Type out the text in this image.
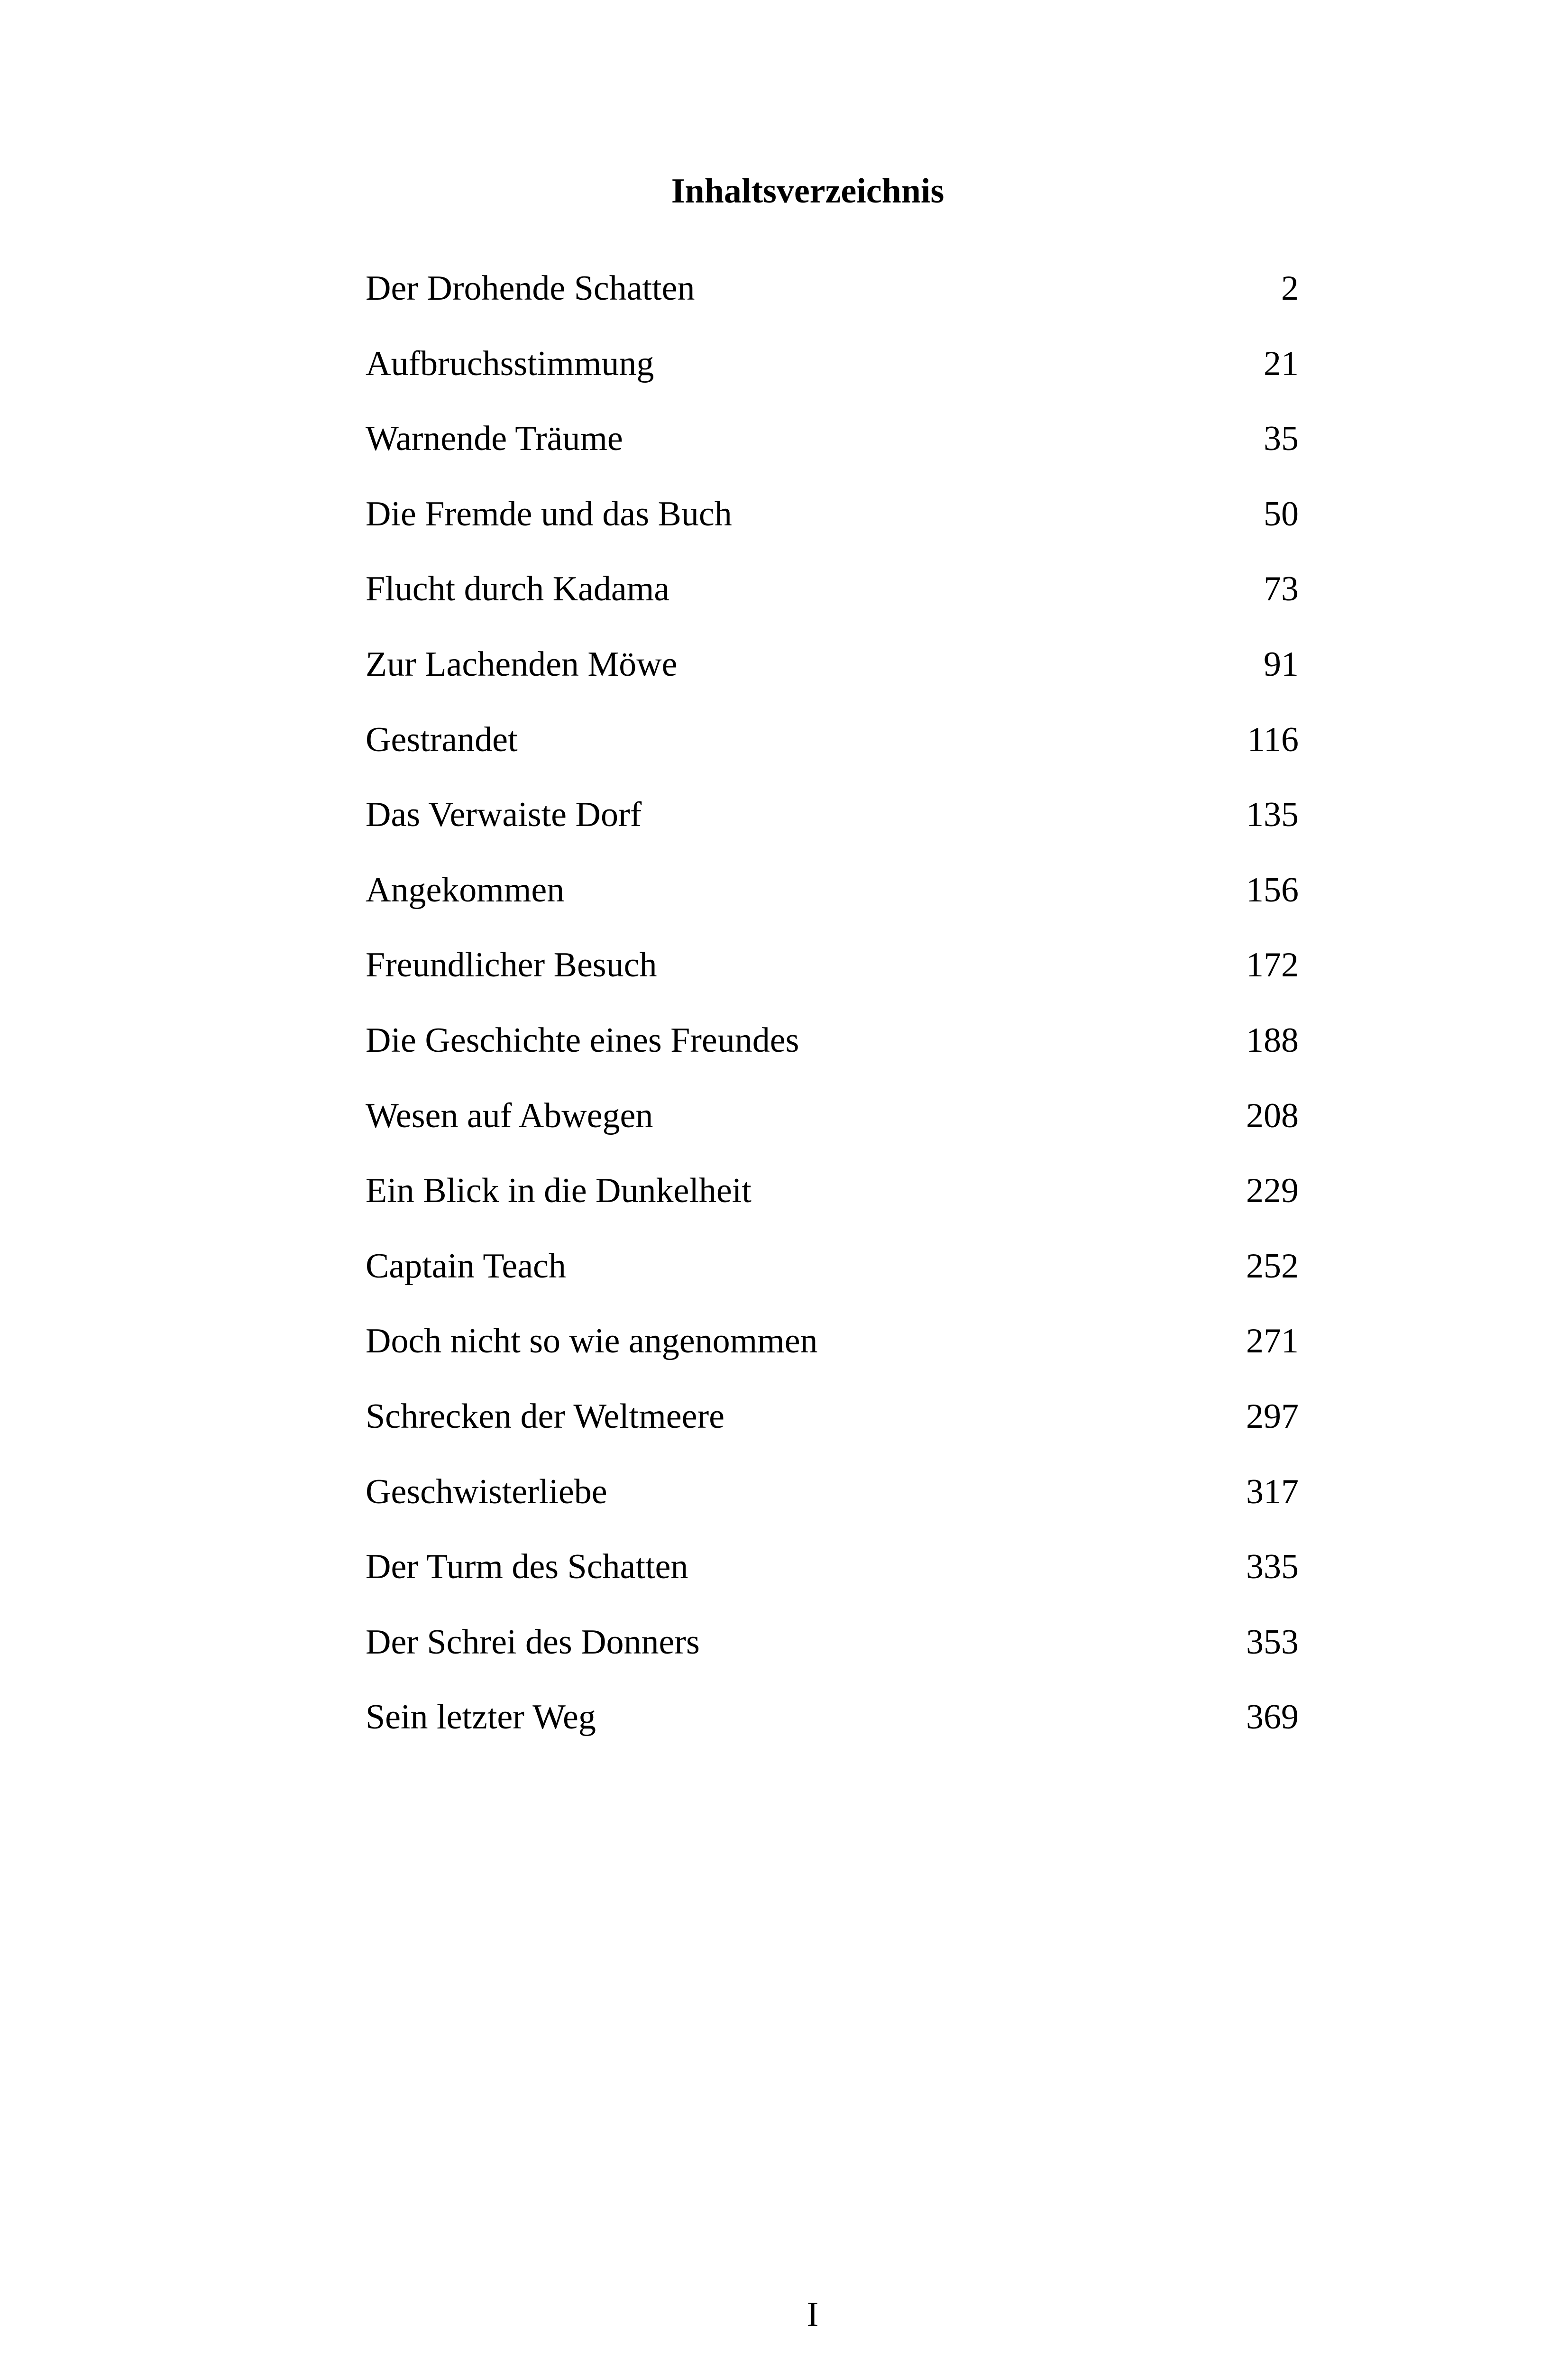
Inhaltsverzeichnis
Der Drohende Schatten	2
Aufbruchsstimmung	21
Warnende Träume	35
Die Fremde und das Buch	50
Flucht durch Kadama	73
Zur Lachenden Möwe	91
Gestrandet	116
Das Verwaiste Dorf	135
Angekommen	156
Freundlicher Besuch	172
Die Geschichte eines Freundes	188
Wesen auf Abwegen	208
Ein Blick in die Dunkelheit	229
Captain Teach	252
Doch nicht so wie angenommen	271
Schrecken der Weltmeere	297
Geschwisterliebe	317
Der Turm des Schatten	335
Der Schrei des Donners	353
Sein letzter Weg	369
I
